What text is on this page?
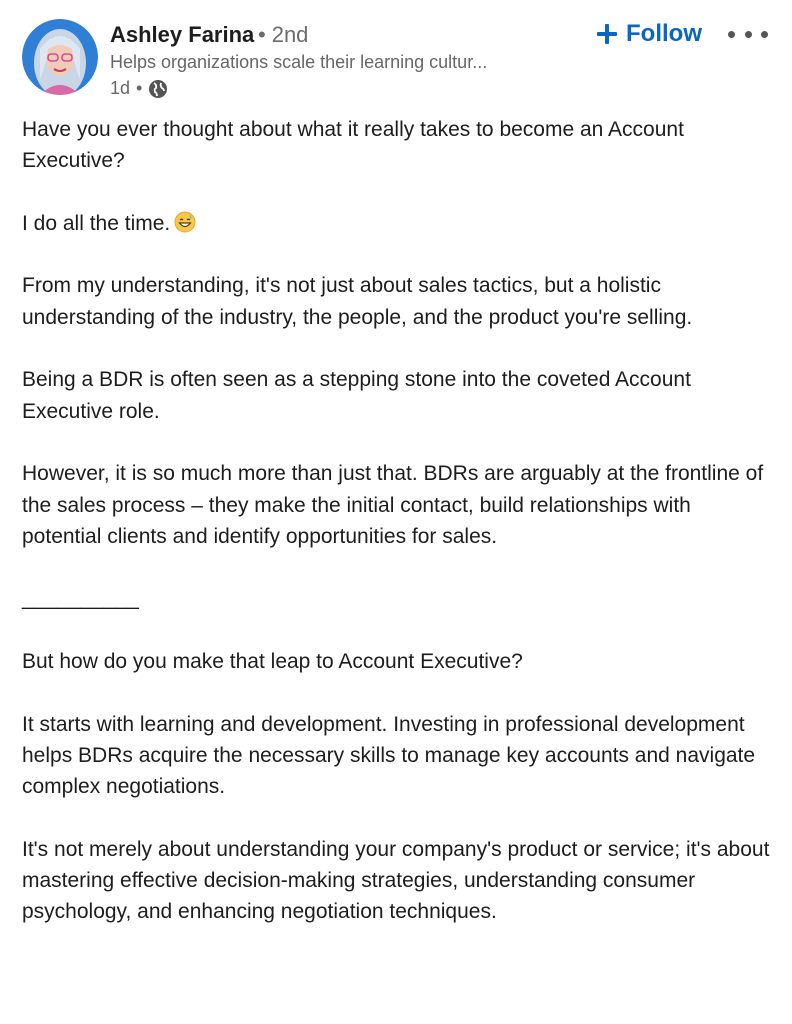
Ashley Farina • 2nd
Helps organizations scale their learning cultur...
1d •
Follow

Have you ever thought about what it really takes to become an Account Executive?

I do all the time.

From my understanding, it's not just about sales tactics, but a holistic understanding of the industry, the people, and the product you're selling.

Being a BDR is often seen as a stepping stone into the coveted Account Executive role.

However, it is so much more than just that. BDRs are arguably at the frontline of the sales process – they make the initial contact, build relationships with potential clients and identify opportunities for sales.

__________

But how do you make that leap to Account Executive?

It starts with learning and development. Investing in professional development helps BDRs acquire the necessary skills to manage key accounts and navigate complex negotiations.

It's not merely about understanding your company's product or service; it's about mastering effective decision-making strategies, understanding consumer psychology, and enhancing negotiation techniques.
